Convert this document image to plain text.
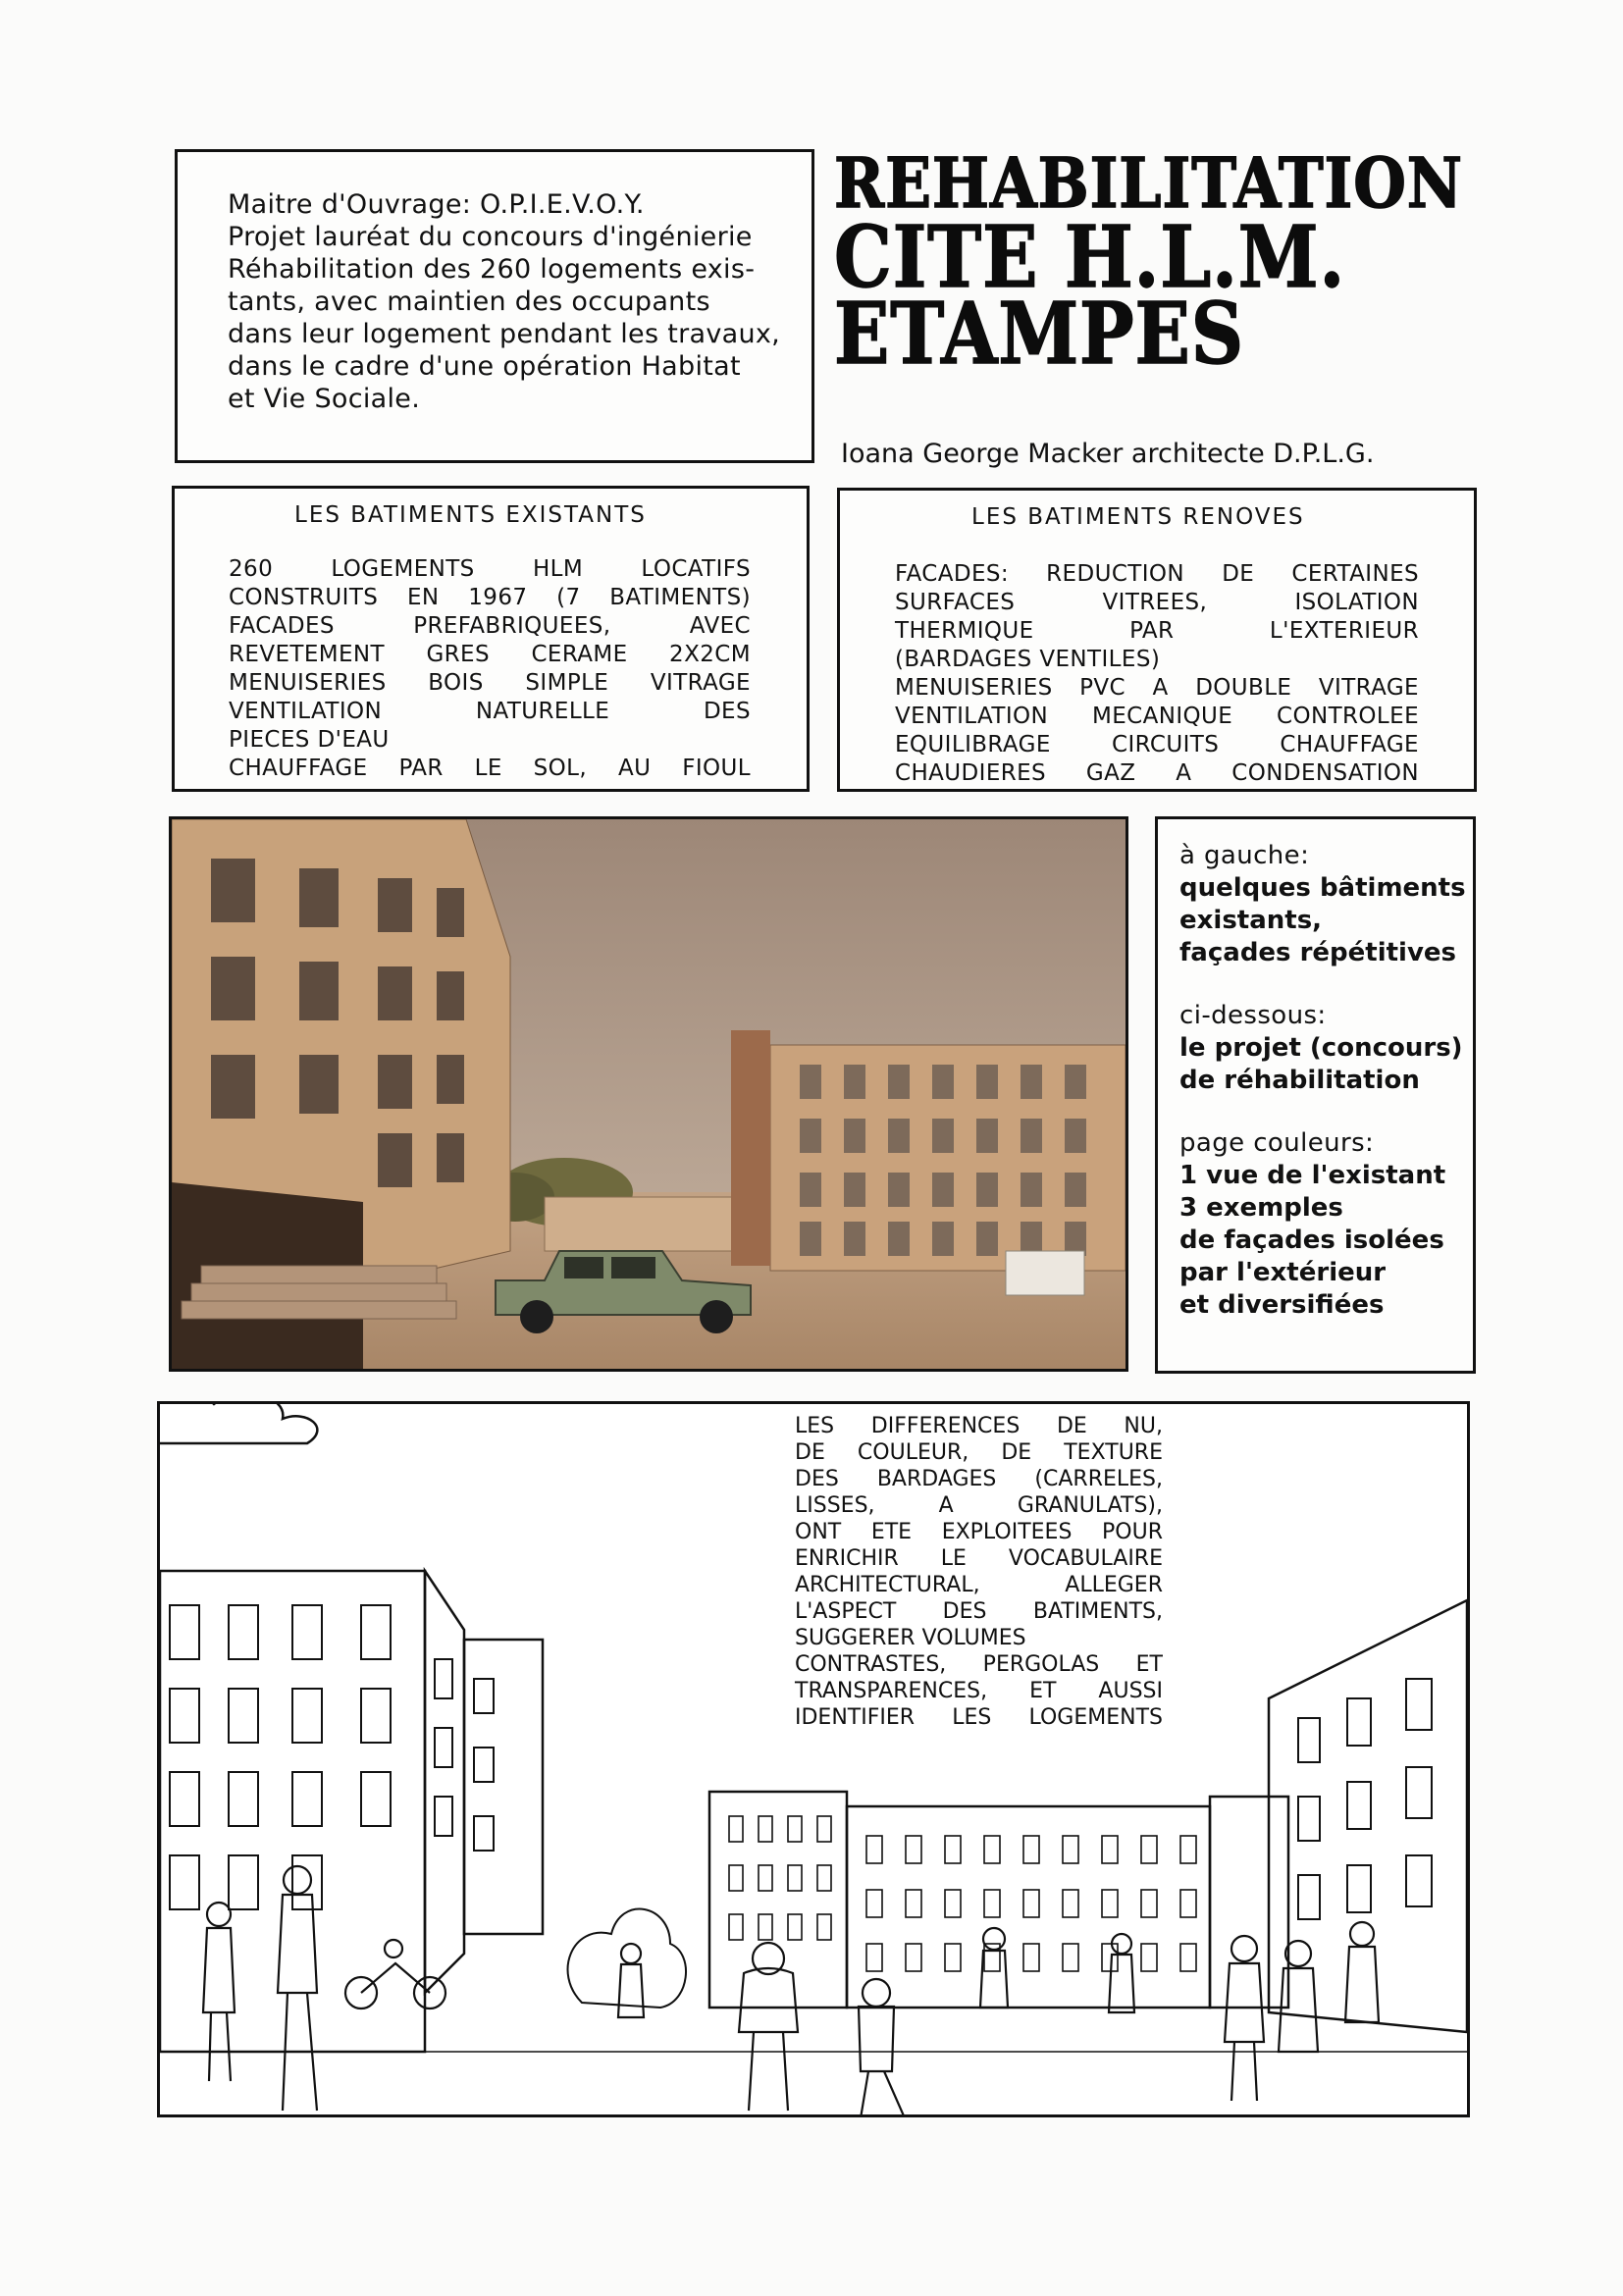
Maitre d'Ouvrage: O.P.I.E.V.O.Y.

Projet lauréat du concours d'ingénierie

Réhabilitation des 260 logements exis-

tants, avec maintien des occupants

dans leur logement pendant les travaux,

dans le cadre d'une opération Habitat

et Vie Sociale.

REHABILITATION
CITE H.L.M.
ETAMPES

Ioana George Macker architecte D.P.L.G.

LES BATIMENTS EXISTANTS

260 LOGEMENTS HLM LOCATIFS

CONSTRUITS EN 1967 (7 BATIMENTS)

FACADES PREFABRIQUEES, AVEC

REVETEMENT GRES CERAME 2X2CM

MENUISERIES BOIS SIMPLE VITRAGE

VENTILATION NATURELLE DES

PIECES D'EAU

CHAUFFAGE PAR LE SOL, AU FIOUL

LES BATIMENTS RENOVES

FACADES: REDUCTION DE CERTAINES

SURFACES VITREES, ISOLATION

THERMIQUE PAR L'EXTERIEUR

(BARDAGES VENTILES)

MENUISERIES PVC A DOUBLE VITRAGE

VENTILATION MECANIQUE CONTROLEE

EQUILIBRAGE CIRCUITS CHAUFFAGE

CHAUDIERES GAZ A CONDENSATION

à gauche:

quelques bâtiments

existants,

façades répétitives

ci-dessous:

le projet (concours)

de réhabilitation

page couleurs:

1 vue de l'existant

3 exemples

de façades isolées

par l'extérieur

et diversifiées

LES DIFFERENCES DE NU,

DE COULEUR, DE TEXTURE

DES BARDAGES (CARRELES,

LISSES, A GRANULATS),

ONT ETE EXPLOITEES POUR

ENRICHIR LE VOCABULAIRE

ARCHITECTURAL, ALLEGER

L'ASPECT DES BATIMENTS,

SUGGERER VOLUMES

CONTRASTES, PERGOLAS ET

TRANSPARENCES, ET AUSSI

IDENTIFIER LES LOGEMENTS
